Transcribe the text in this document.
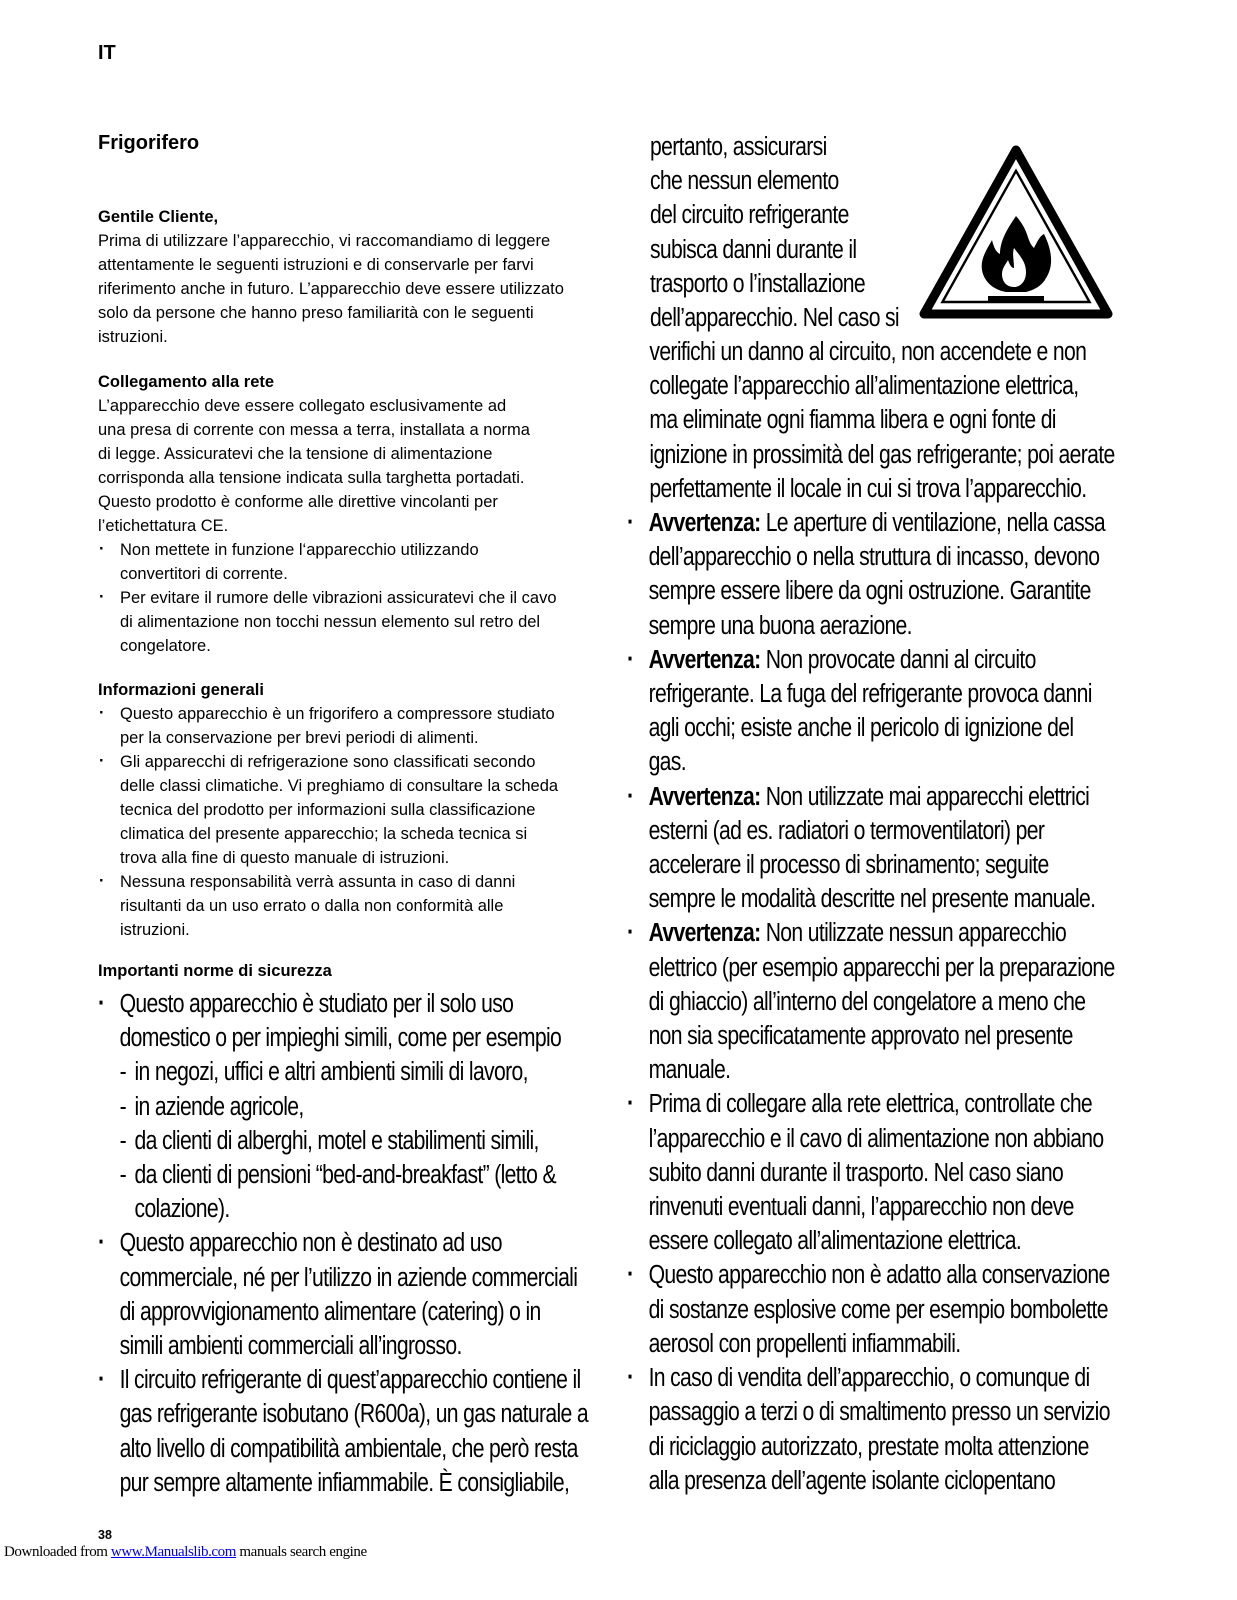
IT
Frigorifero

Gentile Cliente,

Prima di utilizzare l’apparecchio, vi raccomandiamo di leggere

attentamente le seguenti istruzioni e di conservarle per farvi

riferimento anche in futuro. L’apparecchio deve essere utilizzato

solo da persone che hanno preso familiarità con le seguenti

istruzioni.

Collegamento alla rete

L’apparecchio deve essere collegato esclusivamente ad

una presa di corrente con messa a terra, installata a norma

di legge. Assicuratevi che la tensione di alimentazione

corrisponda alla tensione indicata sulla targhetta portadati.

Questo prodotto è conforme alle direttive vincolanti per

l’etichettatura CE.

· Non mettete in funzione l‘apparecchio utilizzando

convertitori di corrente.

· Per evitare il rumore delle vibrazioni assicuratevi che il cavo

di alimentazione non tocchi nessun elemento sul retro del

congelatore.

Informazioni generali

· Questo apparecchio è un frigorifero a compressore studiato

per la conservazione per brevi periodi di alimenti.

· Gli apparecchi di refrigerazione sono classificati secondo

delle classi climatiche. Vi preghiamo di consultare la scheda

tecnica del prodotto per informazioni sulla classificazione

climatica del presente apparecchio; la scheda tecnica si

trova alla fine di questo manuale di istruzioni.

· Nessuna responsabilità verrà assunta in caso di danni

risultanti da un uso errato o dalla non conformità alle

istruzioni.

Importanti norme di sicurezza
· Questo apparecchio è studiato per il solo uso
domestico o per impieghi simili, come per esempio
- in negozi, uffici e altri ambienti simili di lavoro,
- in aziende agricole,
- da clienti di alberghi, motel e stabilimenti simili,
- da clienti di pensioni “bed-and-breakfast” (letto &
colazione).
· Questo apparecchio non è destinato ad uso
commerciale, né per l’utilizzo in aziende commerciali
di approvvigionamento alimentare (catering) o in
simili ambienti commerciali all’ingrosso.
· Il circuito refrigerante di quest’apparecchio contiene il
gas refrigerante isobutano (R600a), un gas naturale a
alto livello di compatibilità ambientale, che però resta
pur sempre altamente infiammabile. È consigliabile,
pertanto, assicurarsi
che nessun elemento
del circuito refrigerante
subisca danni durante il
trasporto o l’installazione
dell’apparecchio. Nel caso si
verifichi un danno al circuito, non accendete e non
collegate l’apparecchio all’alimentazione elettrica,
ma eliminate ogni fiamma libera e ogni fonte di
ignizione in prossimità del gas refrigerante; poi aerate
perfettamente il locale in cui si trova l’apparecchio.
· Avvertenza: Le aperture di ventilazione, nella cassa
dell’apparecchio o nella struttura di incasso, devono
sempre essere libere da ogni ostruzione. Garantite
sempre una buona aerazione.
· Avvertenza: Non provocate danni al circuito
refrigerante. La fuga del refrigerante provoca danni
agli occhi; esiste anche il pericolo di ignizione del
gas.
· Avvertenza: Non utilizzate mai apparecchi elettrici
esterni (ad es. radiatori o termoventilatori) per
accelerare il processo di sbrinamento; seguite
sempre le modalità descritte nel presente manuale.
· Avvertenza: Non utilizzate nessun apparecchio
elettrico (per esempio apparecchi per la preparazione
di ghiaccio) all’interno del congelatore a meno che
non sia specificatamente approvato nel presente
manuale.
· Prima di collegare alla rete elettrica, controllate che
l’apparecchio e il cavo di alimentazione non abbiano
subito danni durante il trasporto. Nel caso siano
rinvenuti eventuali danni, l’apparecchio non deve
essere collegato all’alimentazione elettrica.
· Questo apparecchio non è adatto alla conservazione
di sostanze esplosive come per esempio bombolette
aerosol con propellenti infiammabili.
· In caso di vendita dell’apparecchio, o comunque di
passaggio a terzi o di smaltimento presso un servizio
di riciclaggio autorizzato, prestate molta attenzione
alla presenza dell’agente isolante ciclopentano
38
Downloaded from www.Manualslib.com manuals search engine
